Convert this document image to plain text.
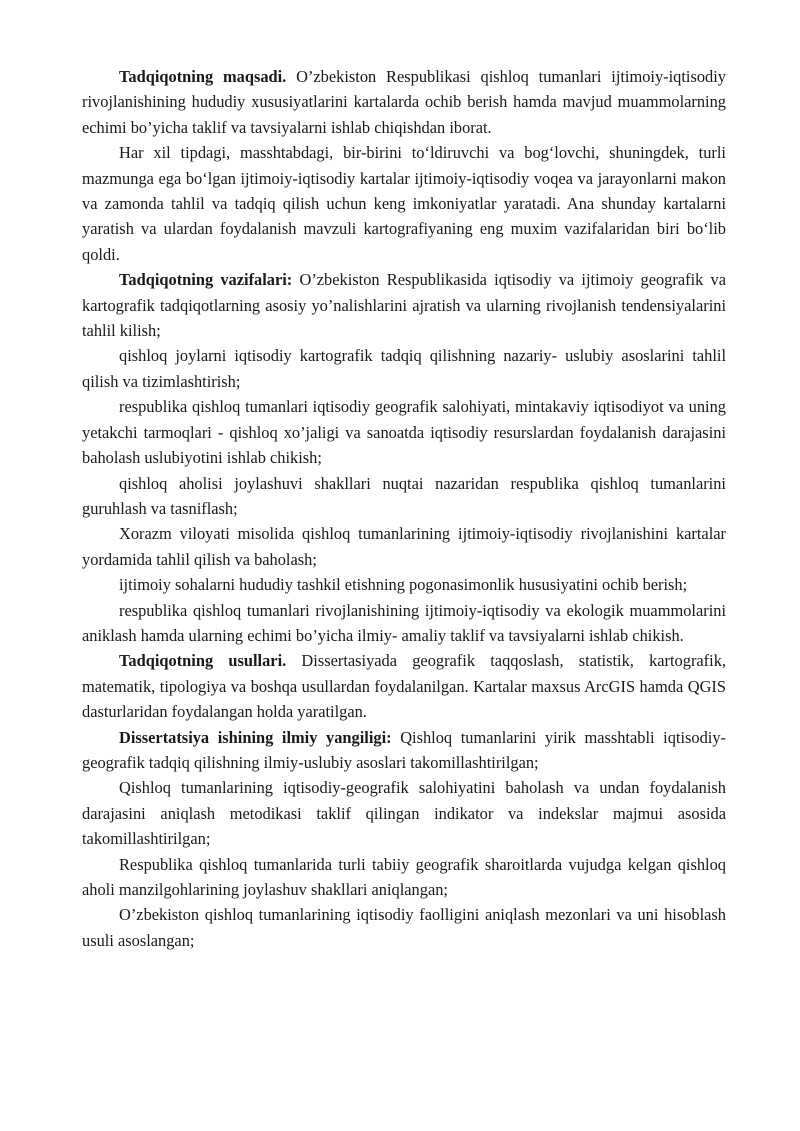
Tadqiqotning maqsadi. O’zbekiston Respublikasi qishloq tumanlari ijtimoiy-iqtisodiy rivojlanishining hududiy xususiyatlarini kartalarda ochib berish hamda mavjud muammolarning echimi bo’yicha taklif va tavsiyalarni ishlab chiqishdan iborat.

Har xil tipdagi, masshtabdagi, bir-birini to‘ldiruvchi va bog‘lovchi, shuningdek, turli mazmunga ega bo‘lgan ijtimoiy-iqtisodiy kartalar ijtimoiy-iqtisodiy voqea va jarayonlarni makon va zamonda tahlil va tadqiq qilish uchun keng imkoniyatlar yaratadi. Ana shunday kartalarni yaratish va ulardan foydalanish mavzuli kartografiyaning eng muxim vazifalaridan biri bo‘lib qoldi.

Tadqiqotning vazifalari: O’zbekiston Respublikasida iqtisodiy va ijtimoiy geografik va kartografik tadqiqotlarning asosiy yo’nalishlarini ajratish va ularning rivojlanish tendensiyalarini tahlil kilish;

qishloq joylarni iqtisodiy kartografik tadqiq qilishning nazariy- uslubiy asoslarini tahlil qilish va tizimlashtirish;

respublika qishloq tumanlari iqtisodiy geografik salohiyati, mintakaviy iqtisodiyot va uning yetakchi tarmoqlari - qishloq xo’jaligi va sanoatda iqtisodiy resurslardan foydalanish darajasini baholash uslubiyotini ishlab chikish;

qishloq aholisi joylashuvi shakllari nuqtai nazaridan respublika qishloq tumanlarini guruhlash va tasniflash;

Xorazm viloyati misolida qishloq tumanlarining ijtimoiy-iqtisodiy rivojlanishini kartalar yordamida tahlil qilish va baholash;

ijtimoiy sohalarni hududiy tashkil etishning pogonasimonlik hususiyatini ochib berish;

respublika qishloq tumanlari rivojlanishining ijtimoiy-iqtisodiy va ekologik muammolarini aniklash hamda ularning echimi bo’yicha ilmiy- amaliy taklif va tavsiyalarni ishlab chikish.

Tadqiqotning usullari. Dissertasiyada geografik taqqoslash, statistik, kartografik, matematik, tipologiya va boshqa usullardan foydalanilgan. Kartalar maxsus ArcGIS hamda QGIS dasturlaridan foydalangan holda yaratilgan.

Dissertatsiya ishining ilmiy yangiligi: Qishloq tumanlarini yirik masshtabli iqtisodiy-geografik tadqiq qilishning ilmiy-uslubiy asoslari takomillashtirilgan;

Qishloq tumanlarining iqtisodiy-geografik salohiyatini baholash va undan foydalanish darajasini aniqlash metodikasi taklif qilingan indikator va indekslar majmui asosida takomillashtirilgan;

Respublika qishloq tumanlarida turli tabiiy geografik sharoitlarda vujudga kelgan qishloq aholi manzilgohlarining joylashuv shakllari aniqlangan;

O’zbekiston qishloq tumanlarining iqtisodiy faolligini aniqlash mezonlari va uni hisoblash usuli asoslangan;
